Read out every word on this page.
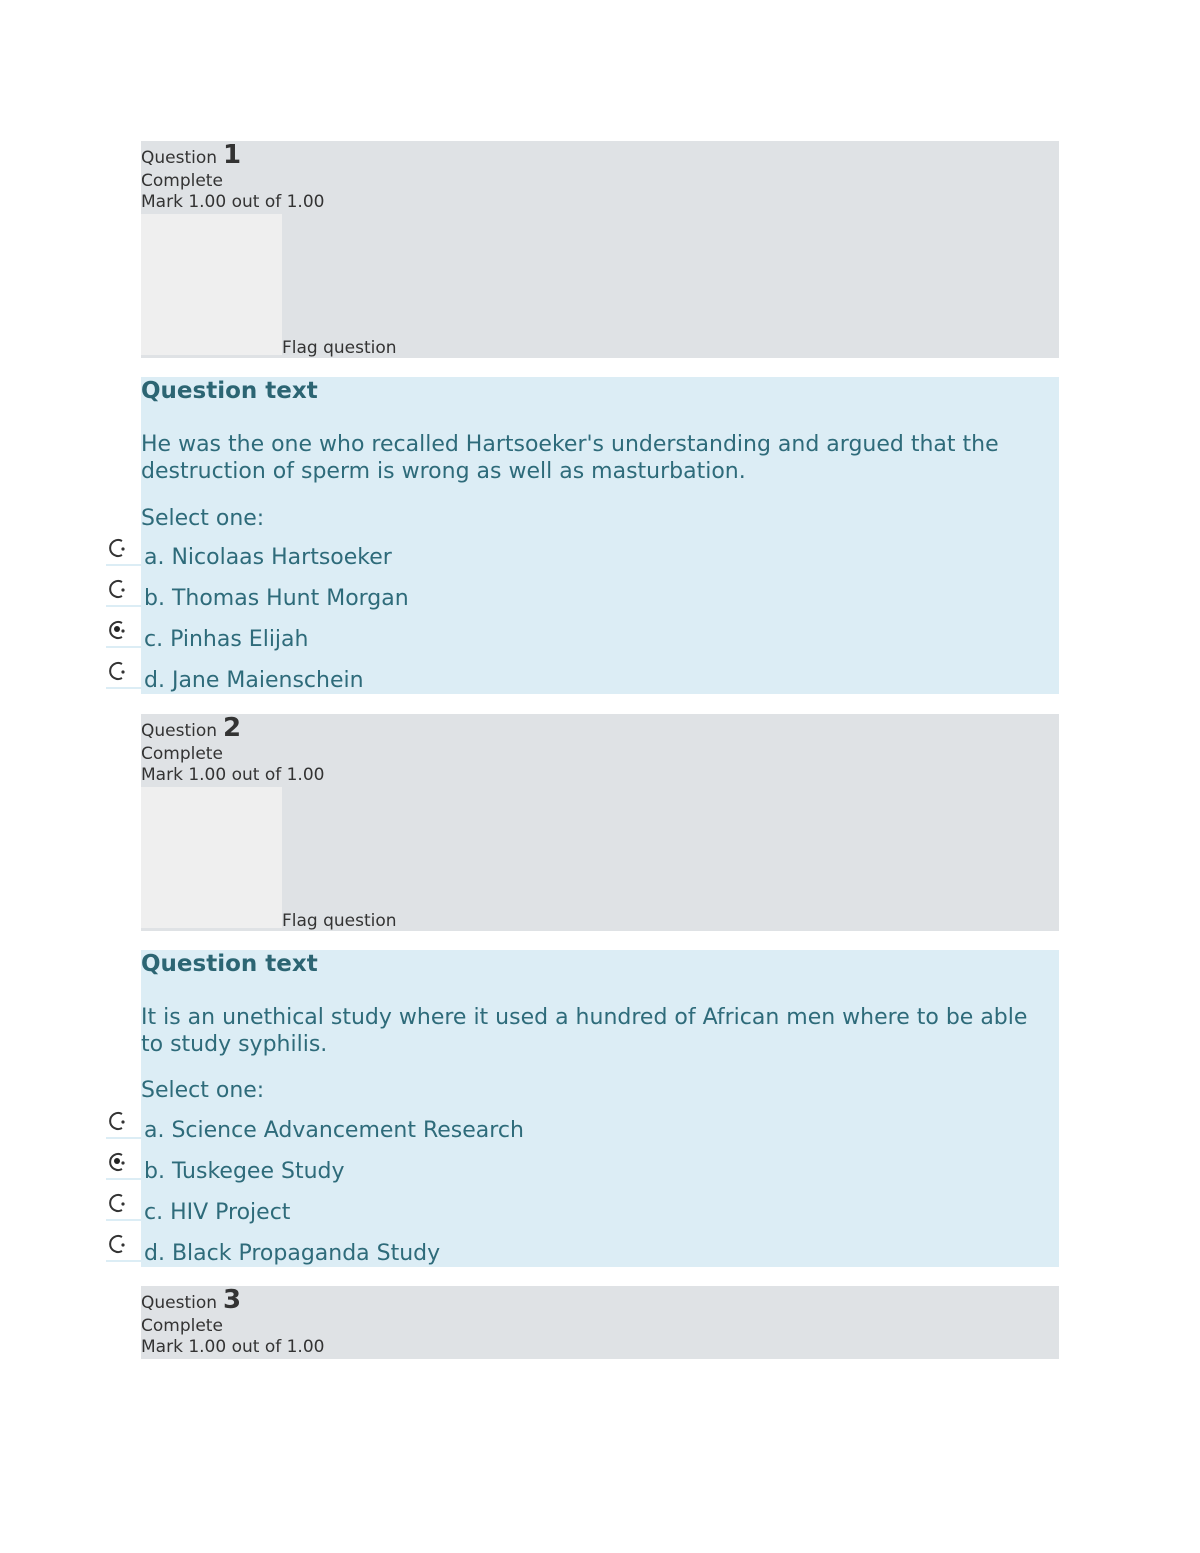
Question 1
Complete
Mark 1.00 out of 1.00
Flag question
Question text
He was the one who recalled Hartsoeker's understanding and argued that the destruction of sperm is wrong as well as masturbation.
Select one:
a. Nicolaas Hartsoeker
b. Thomas Hunt Morgan
c. Pinhas Elijah
d. Jane Maienschein
Question 2
Complete
Mark 1.00 out of 1.00
Flag question
Question text
It is an unethical study where it used a hundred of African men where to be able to study syphilis.
Select one:
a. Science Advancement Research
b. Tuskegee Study
c. HIV Project
d. Black Propaganda Study
Question 3
Complete
Mark 1.00 out of 1.00
